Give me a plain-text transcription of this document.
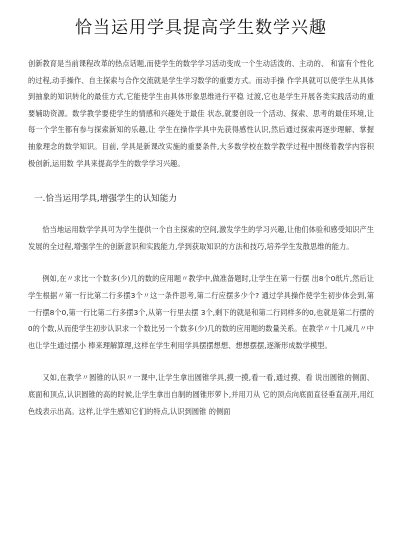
恰当运用学具提高学生数学兴趣

创新教育是当前课程改革的热点话题,而使学生的数学学习活动变成一个生动活泼的、主动的、 和富有个性化的过程,动手操作、自主探索与合作交流就是学生学习数学的重要方式。而动手操 作学具就可以使学生从具体到抽象的知识转化的最佳方式,它能使学生由具体形象思维进行平稳 过渡,它也是学生开展各类实践活动的重要辅助资源。数学教学要使学生的情感和兴趣处于最佳 状态,就要创设一个活动、探索、思考的最佳环境,让每一个学生都有参与探索新知的乐趣,让 学生在操作学具中先获得感性认识,然后通过探索再逐步理解、掌握抽象理念的数学知识。目前, 学具是新课改实施的重要条件,大多数学校在数学教学过程中围绕着教学内容积极创新,运用数 学具来提高学生的数学学习兴趣。

一.恰当运用学具,增强学生的认知能力

恰当地运用数学学具可为学生提供一个自主探索的空间,激发学生的学习兴趣,让他们体验和感受知识产生发展的全过程,增强学生的创新意识和实践能力,学到获取知识的方法和技巧,培养学生发散思维的能力。

例如,在〃求比一个数多(少)几的数的应用题〃教学中,做准备题时,让学生在第一行摆 出8个0纸片,然后让学生根据〃第一行比第二行多摆3个〃这一条件思考,第二行应摆多少个? 通过学具操作使学生初步体会到,第一行摆8个0,第一行比第二行多摆3个,从第一行里去摆 3个,剩下的就是和第二行同样多的0,也就是第二行摆的0的个数,从而使学生初步认识求一个数比另一个数多(少)几的数的应用题的数量关系。在教学〃十几减几〃中也让学生通过摆小 棒来理解算理,这样在学生利用学具摆摆想想、想想摆摆,逐渐形成数学模型。

又如,在教学〃圆锥的认识〃一课中,让学生拿出圆锥学具,摸一摸,看一看,通过摸、看 说出圆锥的侧面、底面和顶点,认识圆锥的高的时候,让学生拿出自制的圆锥形萝卜,并用刀从 它的顶点向底面直径垂直剖开,用红色线表示出高。这样,让学生感知它们的特点,认识到圆锥 的侧面
